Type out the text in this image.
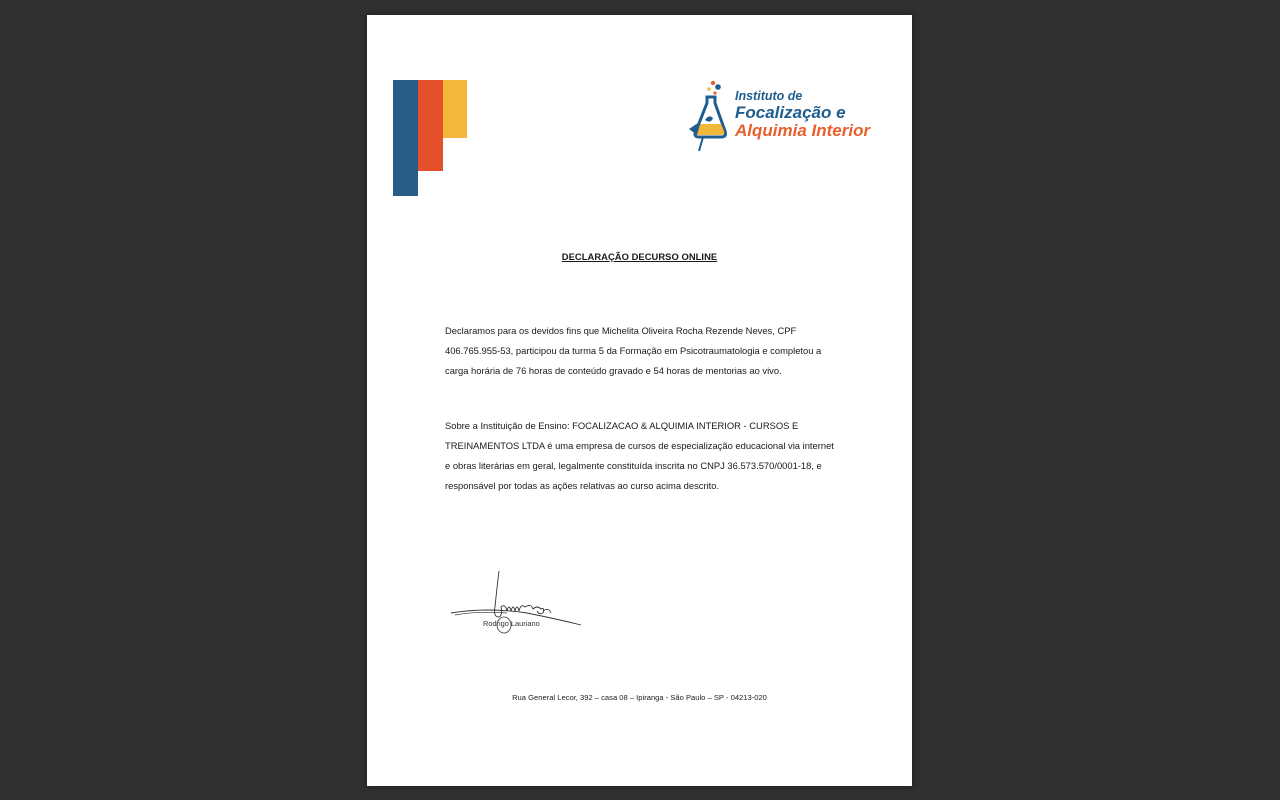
Instituto de
Focalização e
Alquimia Interior
DECLARAÇÃO DECURSO ONLINE

Declaramos para os devidos fins que Michelita Oliveira Rocha Rezende Neves, CPF 406.765.955-53, participou da turma 5 da Formação em Psicotraumatologia e completou a carga horária de 76 horas de conteúdo gravado e 54 horas de mentorias ao vivo.

Sobre a Instituição de Ensino: FOCALIZACAO & ALQUIMIA INTERIOR - CURSOS E TREINAMENTOS LTDA é uma empresa de cursos de especialização educacional via internet e obras literárias em geral, legalmente constituída inscrita no CNPJ 36.573.570/0001-18, e responsável por todas as ações relativas ao curso acima descrito.

Rodrigo Lauriano
Rua General Lecor, 392 – casa 08 – Ipiranga - São Paulo – SP - 04213-020
